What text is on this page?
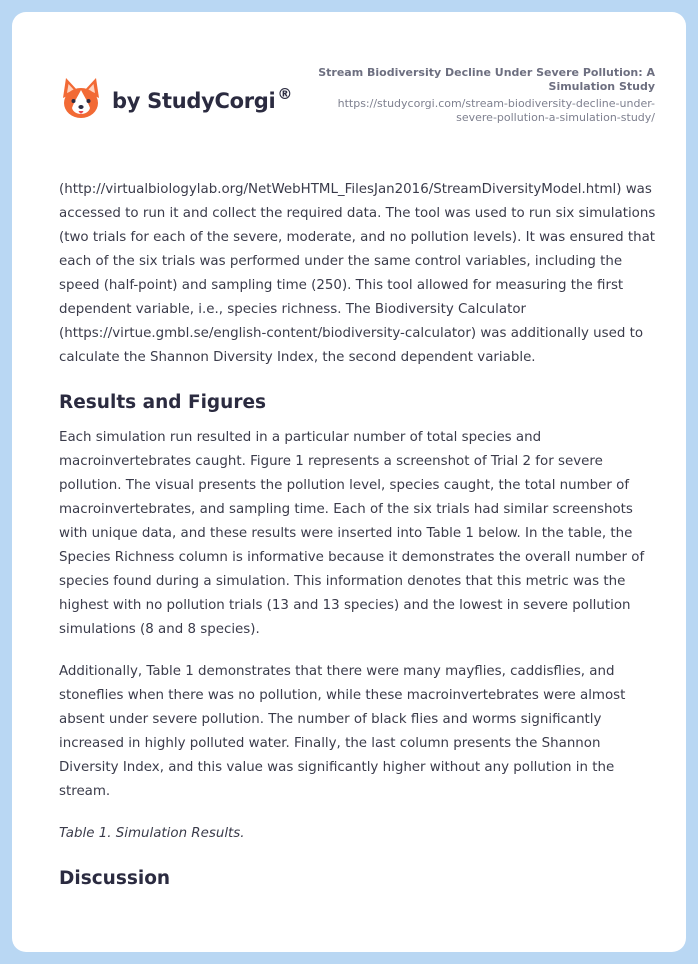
by StudyCorgi ®
Stream Biodiversity Decline Under Severe Pollution: A Simulation Study
https://studycorgi.com/stream-biodiversity-decline-under-severe-pollution-a-simulation-study/

(http://virtualbiologylab.org/NetWebHTML_FilesJan2016/StreamDiversityModel.html) was accessed to run it and collect the required data. The tool was used to run six simulations (two trials for each of the severe, moderate, and no pollution levels). It was ensured that each of the six trials was performed under the same control variables, including the speed (half-point) and sampling time (250). This tool allowed for measuring the first dependent variable, i.e., species richness. The Biodiversity Calculator (https://virtue.gmbl.se/english-content/biodiversity-calculator) was additionally used to calculate the Shannon Diversity Index, the second dependent variable.

Results and Figures

Each simulation run resulted in a particular number of total species and macroinvertebrates caught. Figure 1 represents a screenshot of Trial 2 for severe pollution. The visual presents the pollution level, species caught, the total number of macroinvertebrates, and sampling time. Each of the six trials had similar screenshots with unique data, and these results were inserted into Table 1 below. In the table, the Species Richness column is informative because it demonstrates the overall number of species found during a simulation. This information denotes that this metric was the highest with no pollution trials (13 and 13 species) and the lowest in severe pollution simulations (8 and 8 species).

Additionally, Table 1 demonstrates that there were many mayflies, caddisflies, and stoneflies when there was no pollution, while these macroinvertebrates were almost absent under severe pollution. The number of black flies and worms significantly increased in highly polluted water. Finally, the last column presents the Shannon Diversity Index, and this value was significantly higher without any pollution in the stream.

Table 1. Simulation Results.

Discussion
